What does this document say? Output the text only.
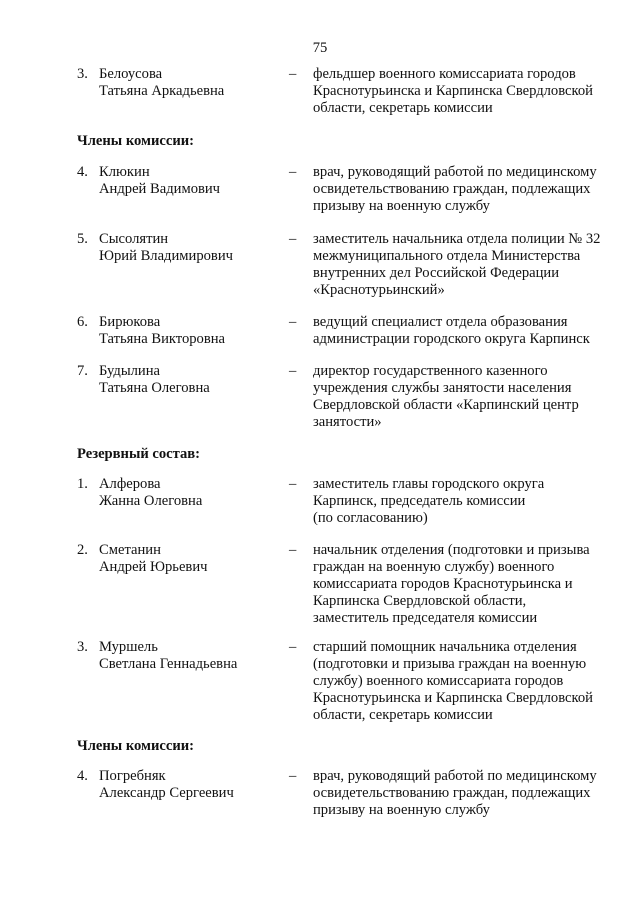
75
3. Белоусова
Татьяна Аркадьевна
– фельдшер военного комиссариата городов
Краснотурьинска и Карпинска Свердловской
области, секретарь комиссии
Члены комиссии:
4. Клюкин
Андрей Вадимович
– врач, руководящий работой по медицинскому
освидетельствованию граждан, подлежащих
призыву на военную службу
5. Сысолятин
Юрий Владимирович
– заместитель начальника отдела полиции № 32
межмуниципального отдела Министерства
внутренних дел Российской Федерации
«Краснотурьинский»
6. Бирюкова
Татьяна Викторовна
– ведущий специалист отдела образования
администрации городского округа Карпинск
7. Будылина
Татьяна Олеговна
– директор государственного казенного
учреждения службы занятости населения
Свердловской области «Карпинский центр
занятости»
Резервный состав:
1. Алферова
Жанна Олеговна
– заместитель главы городского округа
Карпинск, председатель комиссии
(по согласованию)
2. Сметанин
Андрей Юрьевич
– начальник отделения (подготовки и призыва
граждан на военную службу) военного
комиссариата городов Краснотурьинска и
Карпинска Свердловской области,
заместитель председателя комиссии
3. Муршель
Светлана Геннадьевна
– старший помощник начальника отделения
(подготовки и призыва граждан на военную
службу) военного комиссариата городов
Краснотурьинска и Карпинска Свердловской
области, секретарь комиссии
Члены комиссии:
4. Погребняк
Александр Сергеевич
– врач, руководящий работой по медицинскому
освидетельствованию граждан, подлежащих
призыву на военную службу
